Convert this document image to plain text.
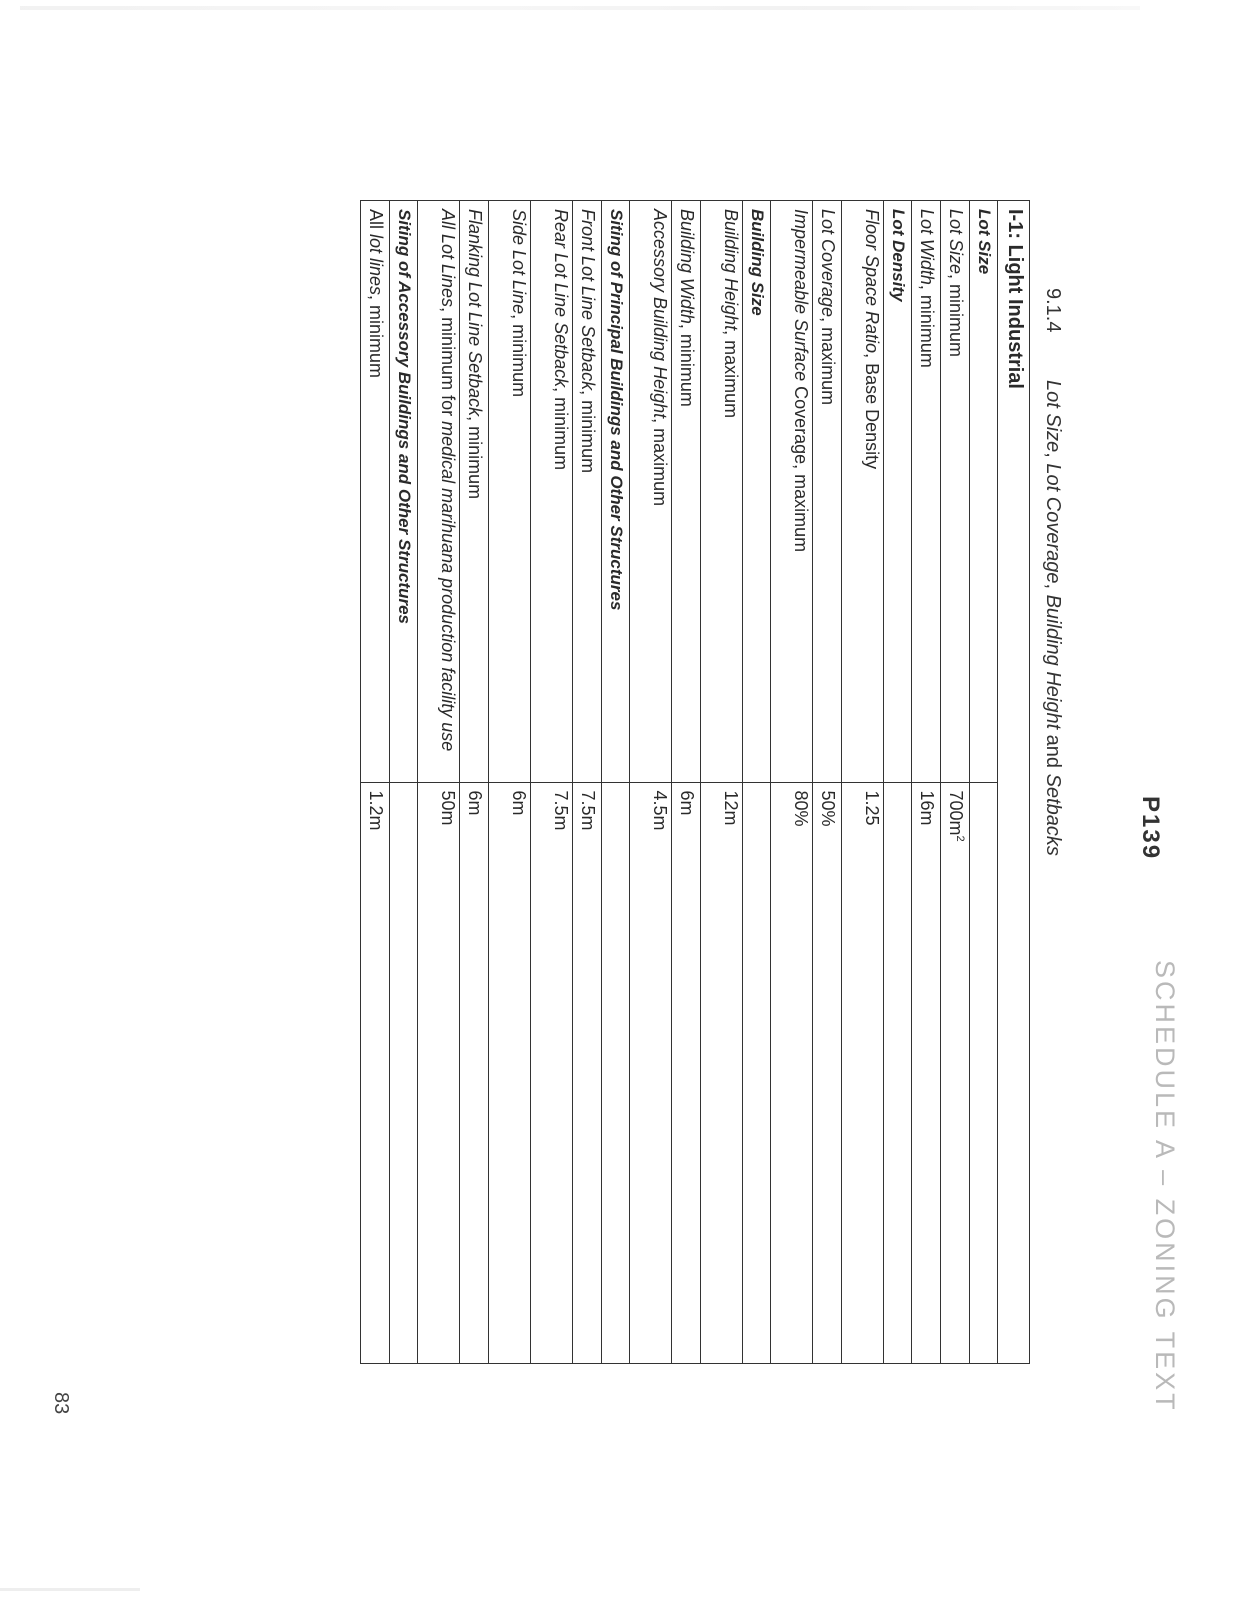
SCHEDULE A – ZONING TEXT
P139
9.1.4Lot Size, Lot Coverage, Building Height and Setbacks
I-1: Light Industrial	
Lot Size	
Lot Size, minimum	$700m^2$
Lot Width, minimum	16m
Lot Density	
Floor Space Ratio, Base Density	1.25
Lot Coverage, maximum	50%
Impermeable Surface Coverage, maximum	80%
Building Size	
Building Height, maximum	12m
Building Width, minimum	6m
Accessory Building Height, maximum	4.5m
Siting of Principal Buildings and Other Structures	
Front Lot Line Setback, minimum	7.5m
Rear Lot Line Setback, minimum	7.5m
Side Lot Line, minimum	6m
Flanking Lot Line Setback, minimum	6m
All Lot Lines, minimum for medical marihuana production facility use	50m
Siting of Accessory Buildings and Other Structures	
All lot lines, minimum	1.2m
83
